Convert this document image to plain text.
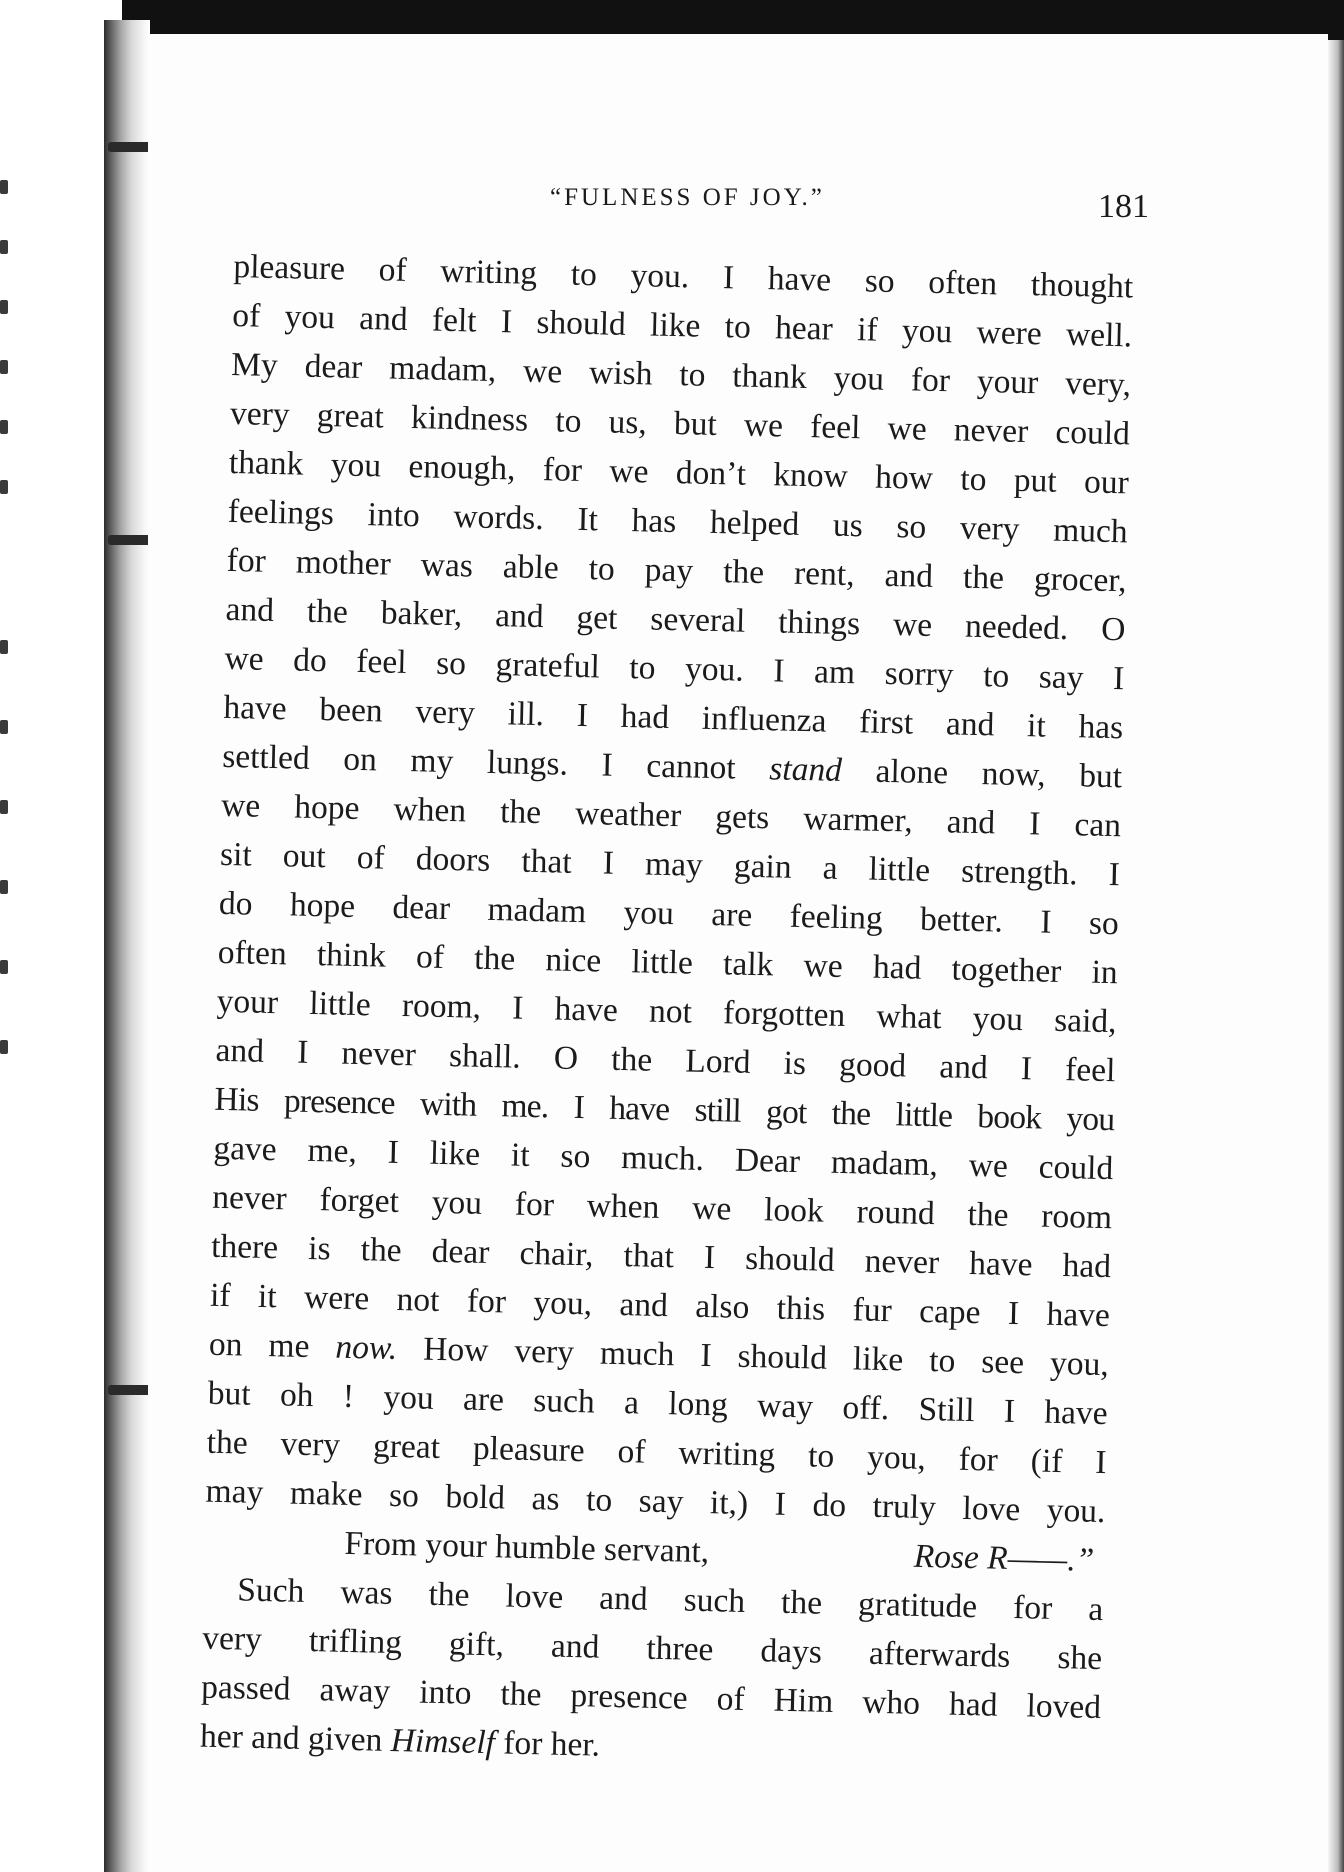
“FULNESS OF JOY.”	181
pleasure of writing to you. I have so often thought
of you and felt I should like to hear if you were well.
My dear madam, we wish to thank you for your very,
very great kindness to us, but we feel we never could
thank you enough, for we don’t know how to put our
feelings into words. It has helped us so very much
for mother was able to pay the rent, and the grocer,
and the baker, and get several things we needed. O
we do feel so grateful to you. I am sorry to say I
have been very ill. I had influenza first and it has
settled on my lungs. I cannot stand alone now, but
we hope when the weather gets warmer, and I can
sit out of doors that I may gain a little strength. I
do hope dear madam you are feeling better. I so
often think of the nice little talk we had together in
your little room, I have not forgotten what you said,
and I never shall. O the Lord is good and I feel
His presence with me. I have still got the little book you
gave me, I like it so much. Dear madam, we could
never forget you for when we look round the room
there is the dear chair, that I should never have had
if it were not for you, and also this fur cape I have
on me now. How very much I should like to see you,
but oh ! you are such a long way off. Still I have
the very great pleasure of writing to you, for (if I
may make so bold as to say it,) I do truly love you.
From your humble servant,	Rose R——.”
Such was the love and such the gratitude for a
very trifling gift, and three days afterwards she
passed away into the presence of Him who had loved
her and given Himself for her.
